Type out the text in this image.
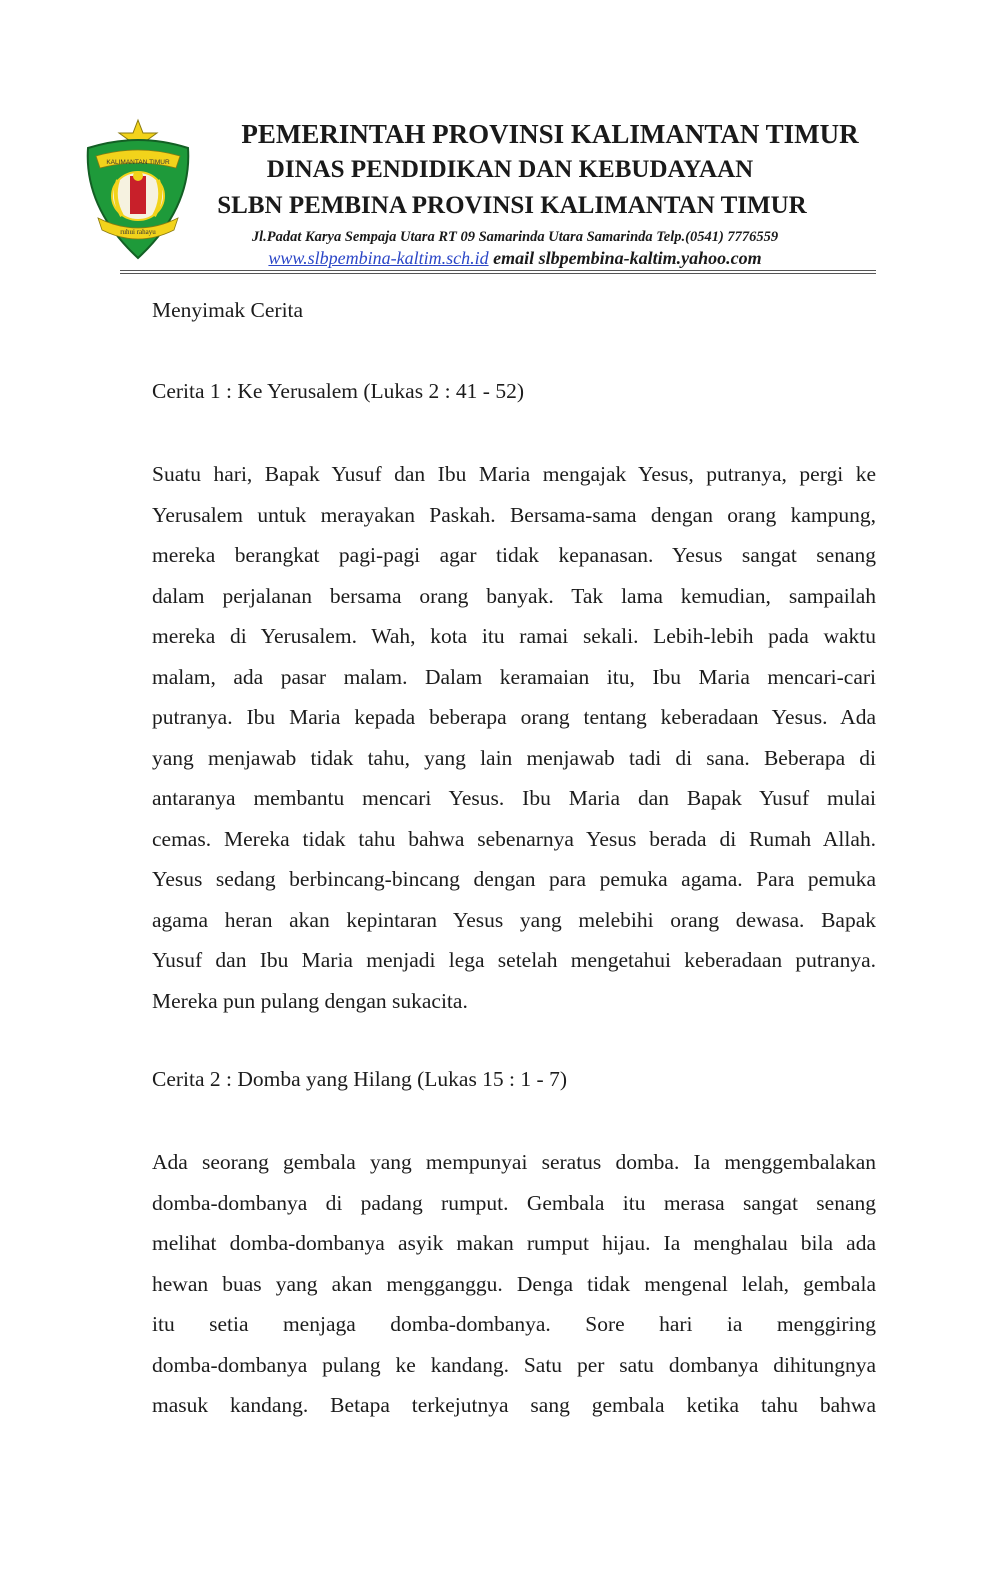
KALIMANTAN TIMUR
ruhui rahayu
PEMERINTAH PROVINSI KALIMANTAN TIMUR
DINAS PENDIDIKAN DAN KEBUDAYAAN
SLBN PEMBINA PROVINSI KALIMANTAN TIMUR
Jl.Padat Karya Sempaja Utara RT 09 Samarinda Utara Samarinda Telp.(0541) 7776559
www.slbpembina-kaltim.sch.id email slbpembina-kaltim.yahoo.com
Menyimak Cerita
Cerita 1 : Ke Yerusalem (Lukas 2 : 41 - 52)
Suatu hari, Bapak Yusuf dan Ibu Maria mengajak Yesus, putranya, pergi ke
Yerusalem untuk merayakan Paskah. Bersama-sama dengan orang kampung,
mereka berangkat pagi-pagi agar tidak kepanasan. Yesus sangat senang
dalam perjalanan bersama orang banyak. Tak lama kemudian, sampailah
mereka di Yerusalem. Wah, kota itu ramai sekali. Lebih-lebih pada waktu
malam, ada pasar malam. Dalam keramaian itu, Ibu Maria mencari-cari
putranya. Ibu Maria kepada beberapa orang tentang keberadaan Yesus. Ada
yang menjawab tidak tahu, yang lain menjawab tadi di sana. Beberapa di
antaranya membantu mencari Yesus. Ibu Maria dan Bapak Yusuf mulai
cemas. Mereka tidak tahu bahwa sebenarnya Yesus berada di Rumah Allah.
Yesus sedang berbincang-bincang dengan para pemuka agama. Para pemuka
agama heran akan kepintaran Yesus yang melebihi orang dewasa. Bapak
Yusuf dan Ibu Maria menjadi lega setelah mengetahui keberadaan putranya.
Mereka pun pulang dengan sukacita.
Cerita 2 : Domba yang Hilang (Lukas 15 : 1 - 7)
Ada seorang gembala yang mempunyai seratus domba. Ia menggembalakan
domba-dombanya di padang rumput. Gembala itu merasa sangat senang
melihat domba-dombanya asyik makan rumput hijau. Ia menghalau bila ada
hewan buas yang akan mengganggu. Denga tidak mengenal lelah, gembala
itu setia menjaga domba-dombanya. Sore hari ia menggiring
domba-dombanya pulang ke kandang. Satu per satu dombanya dihitungnya
masuk kandang. Betapa terkejutnya sang gembala ketika tahu bahwa
